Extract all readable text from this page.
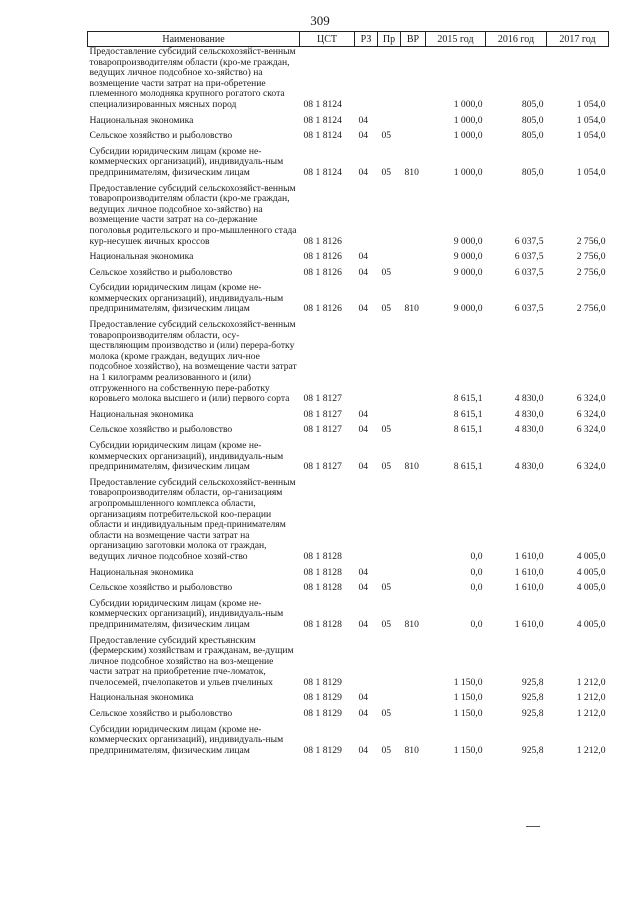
309
Наименование	ЦСТ	РЗ	Пр	ВР	2015 год	2016 год	2017 год
Предоставление субсидий сельскохозяйст-венным товаропроизводителям области (кро-ме граждан, ведущих личное подсобное хо-зяйство) на возмещение части затрат на при-обретение племенного молодняка крупного рогатого скота специализированных мясных пород	08 1 8124				1 000,0	805,0	1 054,0
Национальная экономика	08 1 8124	04			1 000,0	805,0	1 054,0
Сельское хозяйство и рыболовство	08 1 8124	04	05		1 000,0	805,0	1 054,0
Субсидии юридическим лицам (кроме не-коммерческих организаций), индивидуаль-ным предпринимателям, физическим лицам	08 1 8124	04	05	810	1 000,0	805,0	1 054,0
Предоставление субсидий сельскохозяйст-венным товаропроизводителям области (кро-ме граждан, ведущих личное подсобное хо-зяйство) на возмещение части затрат на со-держание поголовья родительского и про-мышленного стада кур-несушек яичных кроссов	08 1 8126				9 000,0	6 037,5	2 756,0
Национальная экономика	08 1 8126	04			9 000,0	6 037,5	2 756,0
Сельское хозяйство и рыболовство	08 1 8126	04	05		9 000,0	6 037,5	2 756,0
Субсидии юридическим лицам (кроме не-коммерческих организаций), индивидуаль-ным предпринимателям, физическим лицам	08 1 8126	04	05	810	9 000,0	6 037,5	2 756,0
Предоставление субсидий сельскохозяйст-венным товаропроизводителям области, осу-ществляющим производство и (или) перера-ботку молока (кроме граждан, ведущих лич-ное подсобное хозяйство), на возмещение части затрат на 1 килограмм реализованного и (или) отгруженного на собственную пере-работку коровьего молока высшего и (или) первого сорта	08 1 8127				8 615,1	4 830,0	6 324,0
Национальная экономика	08 1 8127	04			8 615,1	4 830,0	6 324,0
Сельское хозяйство и рыболовство	08 1 8127	04	05		8 615,1	4 830,0	6 324,0
Субсидии юридическим лицам (кроме не-коммерческих организаций), индивидуаль-ным предпринимателям, физическим лицам	08 1 8127	04	05	810	8 615,1	4 830,0	6 324,0
Предоставление субсидий сельскохозяйст-венным товаропроизводителям области, ор-ганизациям агропромышленного комплекса области, организациям потребительской коо-перации области и индивидуальным пред-принимателям области на возмещение части затрат на организацию заготовки молока от граждан, ведущих личное подсобное хозяй-ство	08 1 8128				0,0	1 610,0	4 005,0
Национальная экономика	08 1 8128	04			0,0	1 610,0	4 005,0
Сельское хозяйство и рыболовство	08 1 8128	04	05		0,0	1 610,0	4 005,0
Субсидии юридическим лицам (кроме не-коммерческих организаций), индивидуаль-ным предпринимателям, физическим лицам	08 1 8128	04	05	810	0,0	1 610,0	4 005,0
Предоставление субсидий крестьянским (фермерским) хозяйствам и гражданам, ве-дущим личное подсобное хозяйство на воз-мещение части затрат на приобретение пче-ломаток, пчелосемей, пчелопакетов и ульев пчелиных	08 1 8129				1 150,0	925,8	1 212,0
Национальная экономика	08 1 8129	04			1 150,0	925,8	1 212,0
Сельское хозяйство и рыболовство	08 1 8129	04	05		1 150,0	925,8	1 212,0
Субсидии юридическим лицам (кроме не-коммерческих организаций), индивидуаль-ным предпринимателям, физическим лицам	08 1 8129	04	05	810	1 150,0	925,8	1 212,0
